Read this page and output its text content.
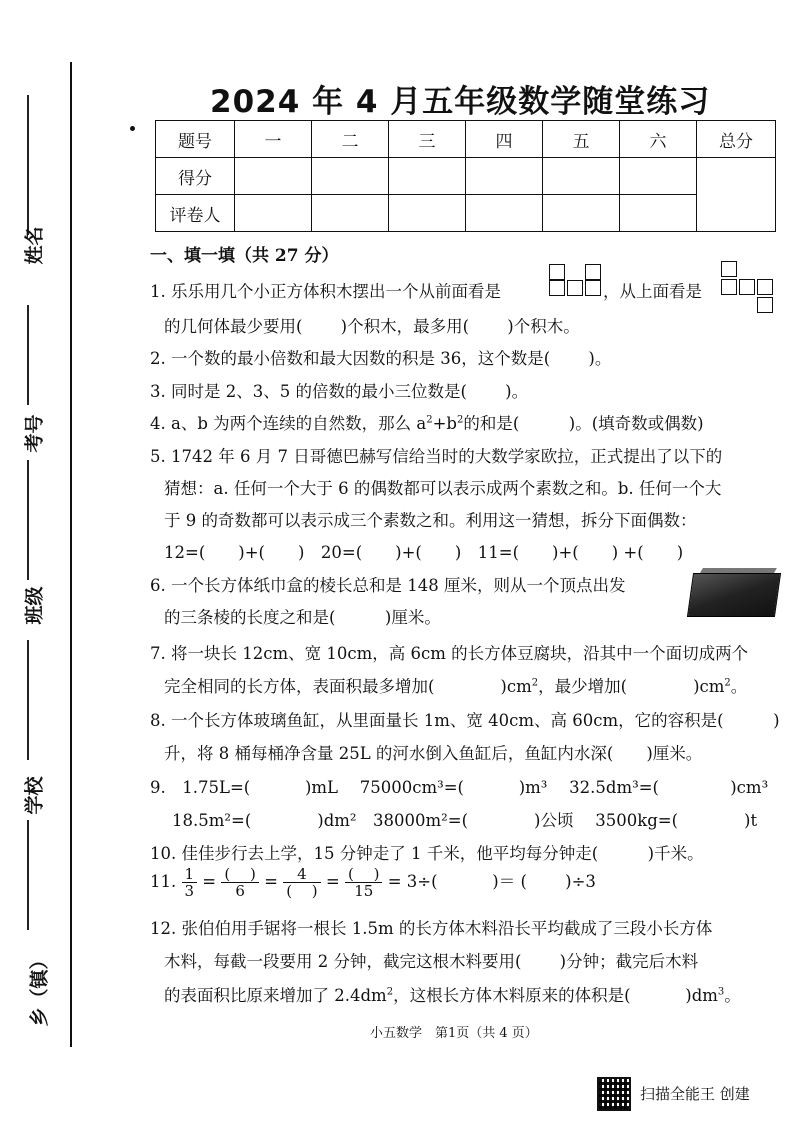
姓名
考号
班级
学校
乡（镇）
2024 年 4 月五年级数学随堂练习
题号	一	二	三	四	五	六	总分
得分							
评卷人							
一、填一填（共 27 分）
1. 乐乐用几个小正方体积木摆出一个从前面看是	，从上面看是
的几何体最少要用(　　 )个积木，最多用(　　 )个积木。
2. 一个数的最小倍数和最大因数的积是 36，这个数是(　　 )。
3. 同时是 2、3、5 的倍数的最小三位数是(　　 )。
4. a、b 为两个连续的自然数，那么 $a^2+b^2$的和是(　　　)。(填奇数或偶数)
5. 1742 年 6 月 7 日哥德巴赫写信给当时的大数学家欧拉，正式提出了以下的
猜想：a. 任何一个大于 6 的偶数都可以表示成两个素数之和。b. 任何一个大
于 9 的奇数都可以表示成三个素数之和。利用这一猜想，拆分下面偶数：
12=(　　)+(　　)　20=(　　)+(　　)　11=(　　)+(　　) +(　　)
6. 一个长方体纸巾盒的棱长总和是 148 厘米，则从一个顶点出发
的三条棱的长度之和是(　　　)厘米。
7. 将一块长 12cm、宽 10cm，高 6cm 的长方体豆腐块，沿其中一个面切成两个
完全相同的长方体，表面积最多增加(　　　　)$cm^2$，最少增加(　　　　)$cm^2$。
8. 一个长方体玻璃鱼缸，从里面量长 1m、宽 40cm、高 60cm，它的容积是(　　　)
升，将 8 桶每桶净含量 25L 的河水倒入鱼缸后，鱼缸内水深(　　)厘米。
9.　1.75L=(　　　 )mL　 75000cm³=(　　　 )m³　 32.5dm³=(　　　　 )cm³
18.5m²=(　　　　)dm²　38000m²=(　　　　)公顷　 3500kg=(　　　　)t
10. 佳佳步行去上学，15 分钟走了 1 千米，他平均每分钟走(　　　)千米。
11. $\frac{1}{3} = \frac{( )}{6} = \frac{4}{( )} = \frac{( )}{15} = 3\div$(　　　 )＝ (　　 )÷3
12. 张伯伯用手锯将一根长 1.5m 的长方体木料沿长平均截成了三段小长方体
木料，每截一段要用 2 分钟，截完这根木料要用(　　 )分钟；截完后木料
的表面积比原来增加了 $2.4dm^2$，这根长方体木料原来的体积是(　　　 )$dm^3$。
小五数学　第1页（共 4 页）
扫描全能王 创建
